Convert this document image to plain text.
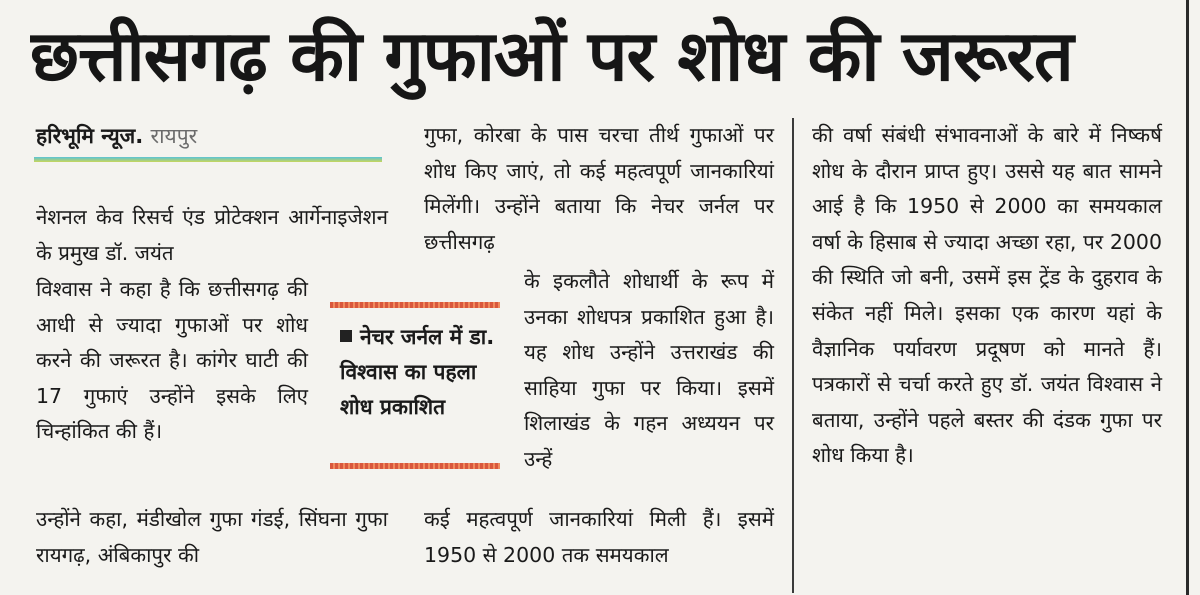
छत्तीसगढ़ की गुफाओं पर शोध की जरूरत
हरिभूमि न्यूज. रायपुर

नेशनल केव रिसर्च एंड प्रोटेक्शन आर्गेनाइजेशन के प्रमुख डॉ. जयंत

विश्वास ने कहा है कि छत्तीसगढ़ की आधी से ज्यादा गुफाओं पर शोध करने की जरूरत है। कांगेर घाटी की 17 गुफाएं उन्होंने इसके लिए चिन्हांकित की हैं।

उन्होंने कहा, मंडीखोल गुफा गंडई, सिंघना गुफा रायगढ़, अंबिकापुर की

नेचर जर्नल में डा. विश्वास का पहला शोध प्रकाशित

गुफा, कोरबा के पास चरचा तीर्थ गुफाओं पर शोध किए जाएं, तो कई महत्वपूर्ण जानकारियां मिलेंगी। उन्होंने बताया कि नेचर जर्नल पर छत्तीसगढ़

के इकलौते शोधार्थी के रूप में उनका शोधपत्र प्रकाशित हुआ है। यह शोध उन्होंने उत्तराखंड की साहिया गुफा पर किया। इसमें शिलाखंड के गहन अध्ययन पर उन्हें

कई महत्वपूर्ण जानकारियां मिली हैं। इसमें 1950 से 2000 तक समयकाल

की वर्षा संबंधी संभावनाओं के बारे में निष्कर्ष शोध के दौरान प्राप्त हुए। उससे यह बात सामने आई है कि 1950 से 2000 का समयकाल वर्षा के हिसाब से ज्यादा अच्छा रहा, पर 2000 की स्थिति जो बनी, उसमें इस ट्रेंड के दुहराव के संकेत नहीं मिले। इसका एक कारण यहां के वैज्ञानिक पर्यावरण प्रदूषण को मानते हैं। पत्रकारों से चर्चा करते हुए डॉ. जयंत विश्वास ने बताया, उन्होंने पहले बस्तर की दंडक गुफा पर शोध किया है।
